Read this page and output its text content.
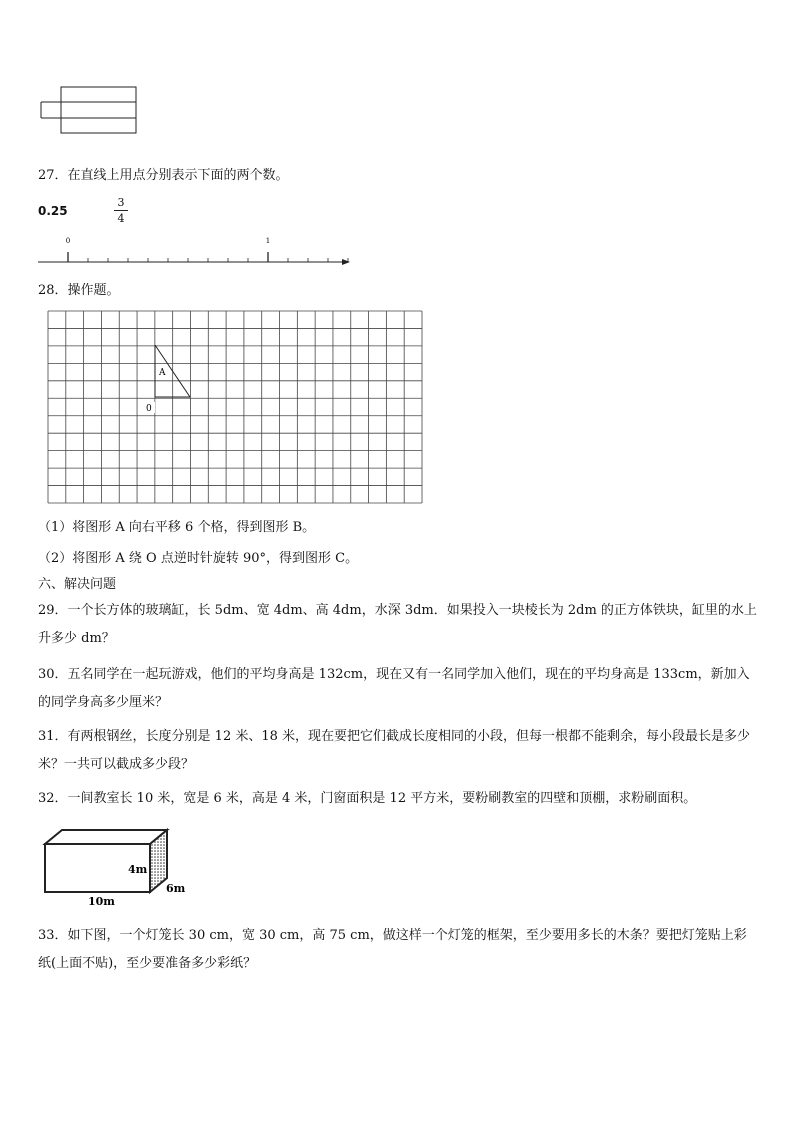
27．在直线上用点分别表示下面的两个数。
0.25
3
4
0	1
28．操作题。
A
0
（1）将图形 A 向右平移 6 个格，得到图形 B。
（2）将图形 A 绕 O 点逆时针旋转 90°，得到图形 C。
六、解决问题
29．一个长方体的玻璃缸，长 5dm、宽 4dm、高 4dm，水深 3dm．如果投入一块棱长为 2dm 的正方体铁块，缸里的水上升多少 dm？
30．五名同学在一起玩游戏，他们的平均身高是 132cm，现在又有一名同学加入他们，现在的平均身高是 133cm，新加入的同学身高多少厘米？
31．有两根钢丝，长度分别是 12 米、18 米，现在要把它们截成长度相同的小段，但每一根都不能剩余，每小段最长是多少米？一共可以截成多少段？
32．一间教室长 10 米，宽是 6 米，高是 4 米，门窗面积是 12 平方米，要粉刷教室的四壁和顶棚，求粉刷面积。
4m
6m
10m
33．如下图，一个灯笼长 30 cm，宽 30 cm，高 75 cm，做这样一个灯笼的框架，至少要用多长的木条？要把灯笼贴上彩纸(上面不贴)，至少要准备多少彩纸？
